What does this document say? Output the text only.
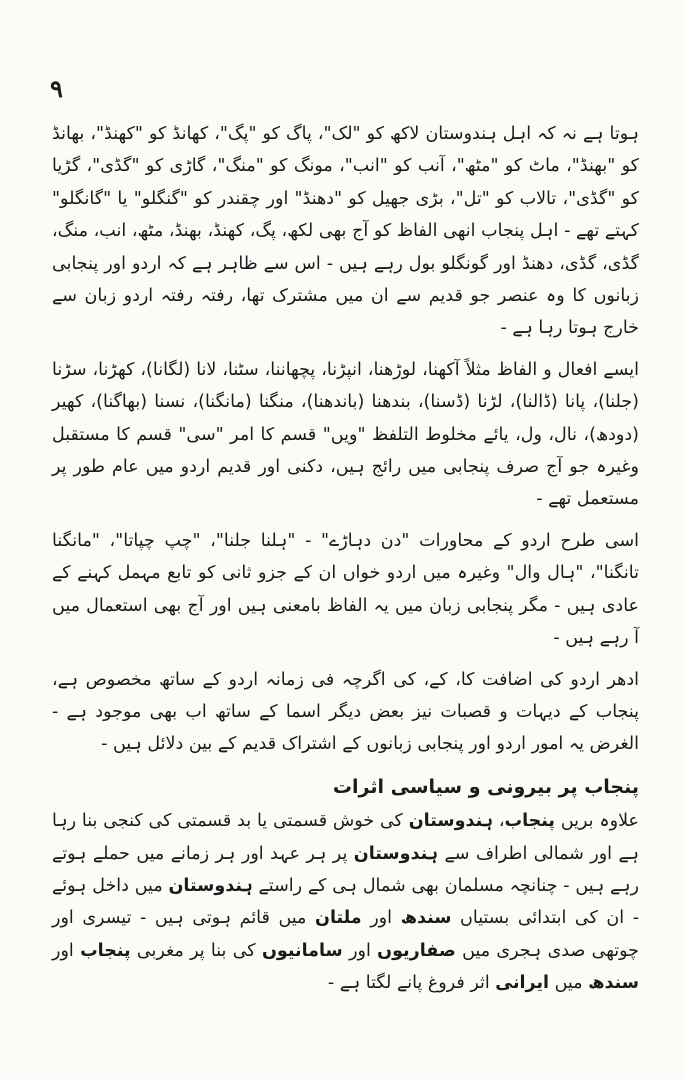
۹

ہوتا ہے نہ کہ اہل ہندوستان لاکھ کو "لک"، پاگ کو "پگ"، کھانڈ کو "کھنڈ"، بھانڈ کو "بھنڈ"، ماٹ کو "مٹھ"، آنب کو "انب"، مونگ کو "منگ"، گاڑی کو "گڈی"، گڑیا کو "گڈی"، تالاب کو "تل"، بڑی جھیل کو "دھنڈ" اور چقندر کو "گنگلو" یا "گانگلو" کہتے تھے - اہل پنجاب انھی الفاظ کو آج بھی لکھ، پگ، کھنڈ، بھنڈ، مٹھ، انب، منگ، گڈی، گڈی، دھنڈ اور گونگلو بول رہے ہیں - اس سے ظاہر ہے کہ اردو اور پنجابی زبانوں کا وہ عنصر جو قدیم سے ان میں مشترک تھا، رفتہ رفتہ اردو زبان سے خارج ہوتا رہا ہے -

ایسے افعال و الفاظ مثلاً آکھنا، لوڑھنا، انپڑنا، پچھاننا، سٹنا، لانا (لگانا)، کھڑنا، سڑنا (جلنا)، پانا (ڈالنا)، لڑنا (ڈسنا)، بندھنا (باندھنا)، منگنا (مانگنا)، نسنا (بھاگنا)، کھیر (دودھ)، نال، ول، یائے مخلوط التلفظ "ویں" قسم کا امر "سی" قسم کا مستقبل وغیرہ جو آج صرف پنجابی میں رائج ہیں، دکنی اور قدیم اردو میں عام طور پر مستعمل تھے -

اسی طرح اردو کے محاورات "دن دہاڑے" - "ہلنا جلنا"، "چپ چپاتا"، "مانگنا تانگنا"، "ہال وال" وغیرہ میں اردو خواں ان کے جزو ثانی کو تابع مہمل کہنے کے عادی ہیں - مگر پنجابی زبان میں یہ الفاظ بامعنی ہیں اور آج بھی استعمال میں آ رہے ہیں -

ادھر اردو کی اضافت کا، کے، کی اگرچہ فی زمانہ اردو کے ساتھ مخصوص ہے، پنجاب کے دیہات و قصبات نیز بعض دیگر اسما کے ساتھ اب بھی موجود ہے - الغرض یہ امور اردو اور پنجابی زبانوں کے اشتراک قدیم کے بین دلائل ہیں -

پنجاب پر بیرونی و سیاسی اثرات

علاوہ بریں پنجاب، ہندوستان کی خوش قسمتی یا بد قسمتی کی کنجی بنا رہا ہے اور شمالی اطراف سے ہندوستان پر ہر عہد اور ہر زمانے میں حملے ہوتے رہے ہیں - چنانچہ مسلمان بھی شمال ہی کے راستے ہندوستان میں داخل ہوئے - ان کی ابتدائی بستیاں سندھ اور ملتان میں قائم ہوتی ہیں - تیسری اور چوتھی صدی ہجری میں صفاریوں اور سامانیوں کی بنا پر مغربی پنجاب اور سندھ میں ایرانی اثر فروغ پانے لگتا ہے -
